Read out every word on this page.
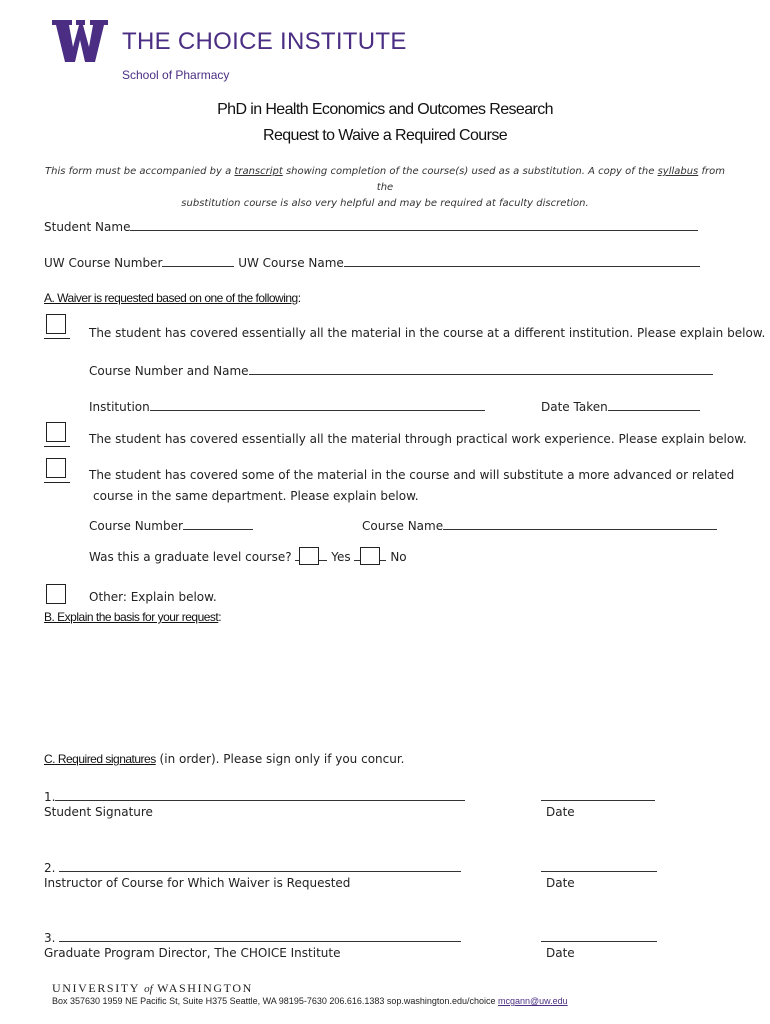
THE CHOICE INSTITUTE
School of Pharmacy
PhD in Health Economics and Outcomes Research
Request to Waive a Required Course
This form must be accompanied by a transcript showing completion of the course(s) used as a substitution. A copy of the syllabus from the
substitution course is also very helpful and may be required at faculty discretion.
Student Name
UW Course Number	UW Course Name
A. Waiver is requested based on one of the following:
The student has covered essentially all the material in the course at a different institution. Please explain below.
Course Number and Name
Institution	Date Taken
The student has covered essentially all the material through practical work experience. Please explain below.
The student has covered some of the material in the course and will substitute a more advanced or related
course in the same department. Please explain below.
Course Number	Course Name
Was this a graduate level course?	Yes	No
Other: Explain below.
B. Explain the basis for your request:
C. Required signatures (in order). Please sign only if you concur.
1.
Student Signature	Date
2.
Instructor of Course for Which Waiver is Requested	Date
3.
Graduate Program Director, The CHOICE Institute	Date
UNIVERSITY of WASHINGTON
Box 357630 1959 NE Pacific St, Suite H375 Seattle, WA 98195-7630 206.616.1383 sop.washington.edu/choice mcgann@uw.edu
